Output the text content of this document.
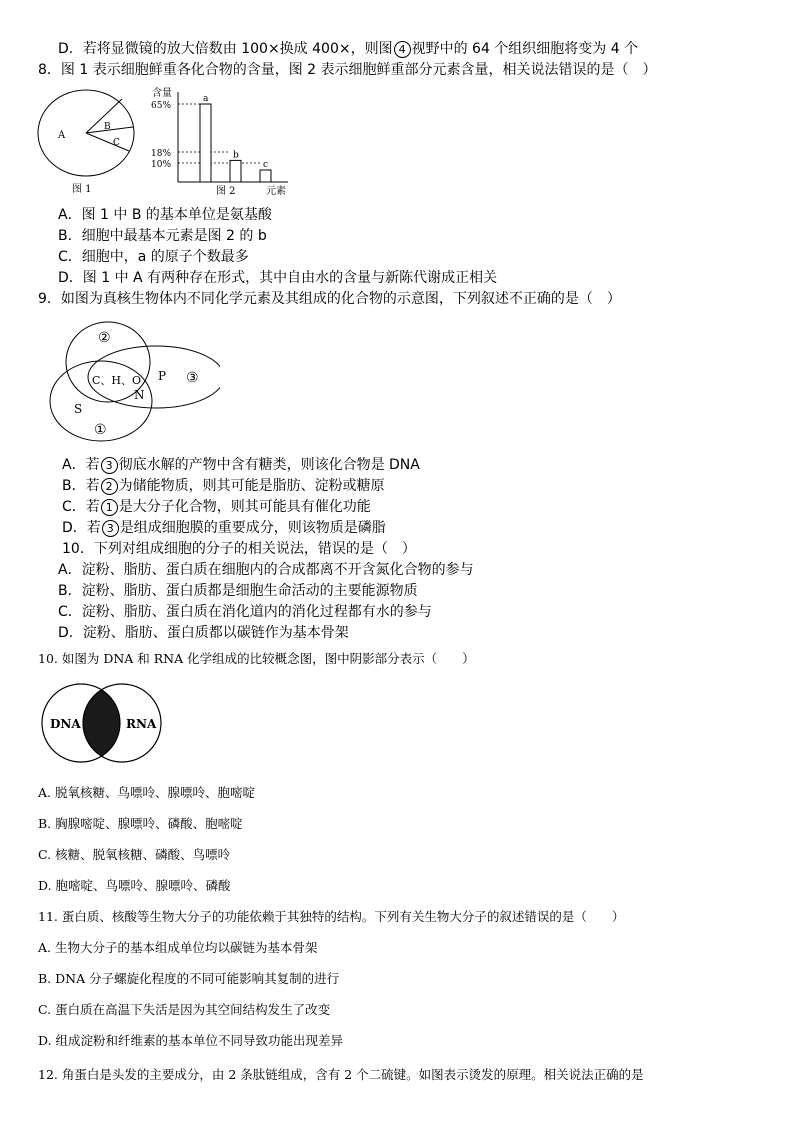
D．若将显微镜的放大倍数由 100×换成 400×，则图 4 视野中的 64 个组织细胞将变为 4 个
8．图 1 表示细胞鲜重各化合物的含量，图 2 表示细胞鲜重部分元素含量，相关说法错误的是（　）
A
B
C
图 1
含量
65%
18%
10%
a
b
c
图 2	元素
A．图 1 中 B 的基本单位是氨基酸
B．细胞中最基本元素是图 2 的 b
C．细胞中，a 的原子个数最多
D．图 1 中 A 有两种存在形式，其中自由水的含量与新陈代谢成正相关
9．如图为真核生物体内不同化学元素及其组成的化合物的示意图，下列叙述不正确的是（　）
②
③
①
C、H、O P
N
S
A．若 3 彻底水解的产物中含有糖类，则该化合物是 DNA
B．若 2 为储能物质，则其可能是脂肪、淀粉或糖原
C．若 1 是大分子化合物，则其可能具有催化功能
D．若 3 是组成细胞膜的重要成分，则该物质是磷脂
10．下列对组成细胞的分子的相关说法，错误的是（　）
A．淀粉、脂肪、蛋白质在细胞内的合成都离不开含氮化合物的参与
B．淀粉、脂肪、蛋白质都是细胞生命活动的主要能源物质
C．淀粉、脂肪、蛋白质在消化道内的消化过程都有水的参与
D．淀粉、脂肪、蛋白质都以碳链作为基本骨架
10. 如图为 DNA 和 RNA 化学组成的比较概念图，图中阴影部分表示（　　）
DNA	RNA
A. 脱氧核糖、鸟嘌呤、腺嘌呤、胞嘧啶
B. 胸腺嘧啶、腺嘌呤、磷酸、胞嘧啶
C. 核糖、脱氧核糖、磷酸、鸟嘌呤
D. 胞嘧啶、鸟嘌呤、腺嘌呤、磷酸
11. 蛋白质、核酸等生物大分子的功能依赖于其独特的结构。下列有关生物大分子的叙述错误的是（　　）
A. 生物大分子的基本组成单位均以碳链为基本骨架
B. DNA 分子螺旋化程度的不同可能影响其复制的进行
C. 蛋白质在高温下失活是因为其空间结构发生了改变
D. 组成淀粉和纤维素的基本单位不同导致功能出现差异
12. 角蛋白是头发的主要成分，由 2 条肽链组成，含有 2 个二硫键。如图表示烫发的原理。相关说法正确的是
